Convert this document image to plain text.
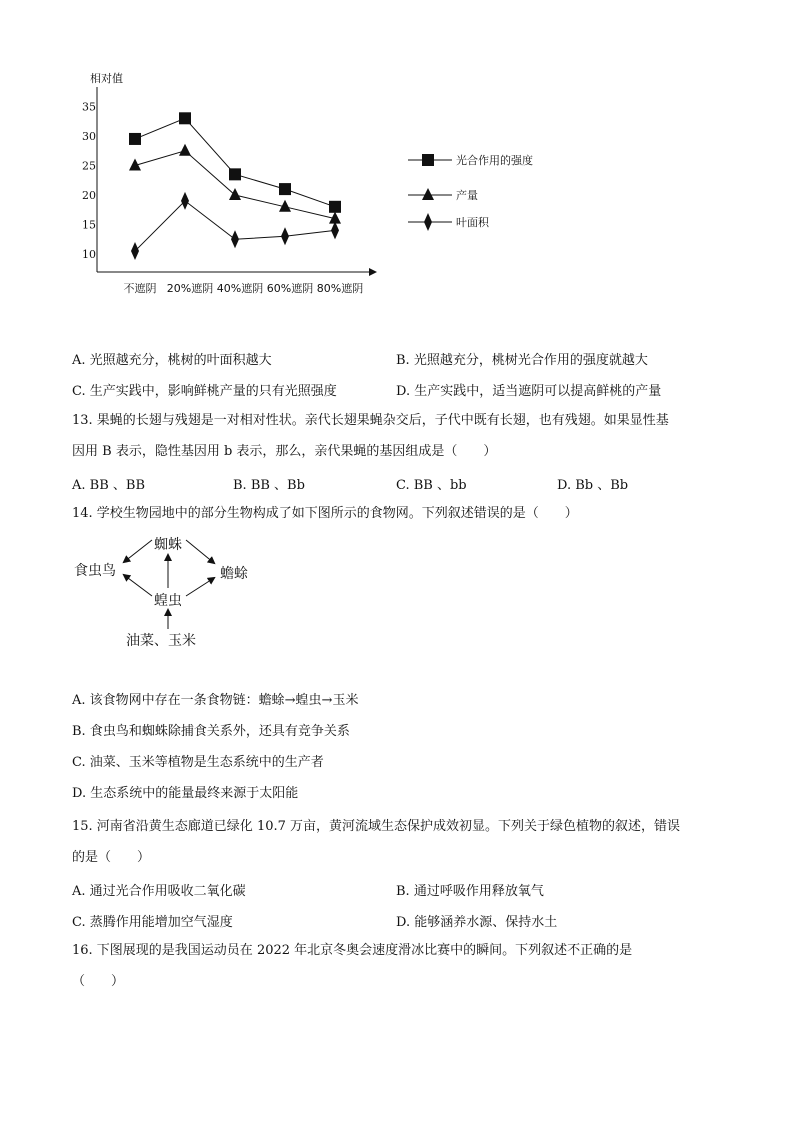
相对值
10
15
20
25
30
35
不遮阴 20%遮阴 40%遮阴 60%遮阴 80%遮阴
光合作用的强度
产量
叶面积
A. 光照越充分，桃树的叶面积越大	B. 光照越充分，桃树光合作用的强度就越大
C. 生产实践中，影响鲜桃产量的只有光照强度	D. 生产实践中，适当遮阴可以提高鲜桃的产量
13. 果蝇的长翅与残翅是一对相对性状。亲代长翅果蝇杂交后，子代中既有长翅，也有残翅。如果显性基
因用 B 表示，隐性基因用 b 表示，那么，亲代果蝇的基因组成是（　　）
A. BB 、BB	B. BB 、Bb	C. BB 、bb	D. Bb 、Bb
14. 学校生物园地中的部分生物构成了如下图所示的食物网。下列叙述错误的是（　　）
蜘蛛
食虫鸟	蟾蜍
蝗虫
油菜、玉米
A. 该食物网中存在一条食物链：蟾蜍→蝗虫→玉米
B. 食虫鸟和蜘蛛除捕食关系外，还具有竞争关系
C. 油菜、玉米等植物是生态系统中的生产者
D. 生态系统中的能量最终来源于太阳能
15. 河南省沿黄生态廊道已绿化 10.7 万亩，黄河流域生态保护成效初显。下列关于绿色植物的叙述，错误
的是（　　）
A. 通过光合作用吸收二氧化碳	B. 通过呼吸作用释放氧气
C. 蒸腾作用能增加空气湿度	D. 能够涵养水源、保持水土
16. 下图展现的是我国运动员在 2022 年北京冬奥会速度滑冰比赛中的瞬间。下列叙述不正确的是
（　　）
